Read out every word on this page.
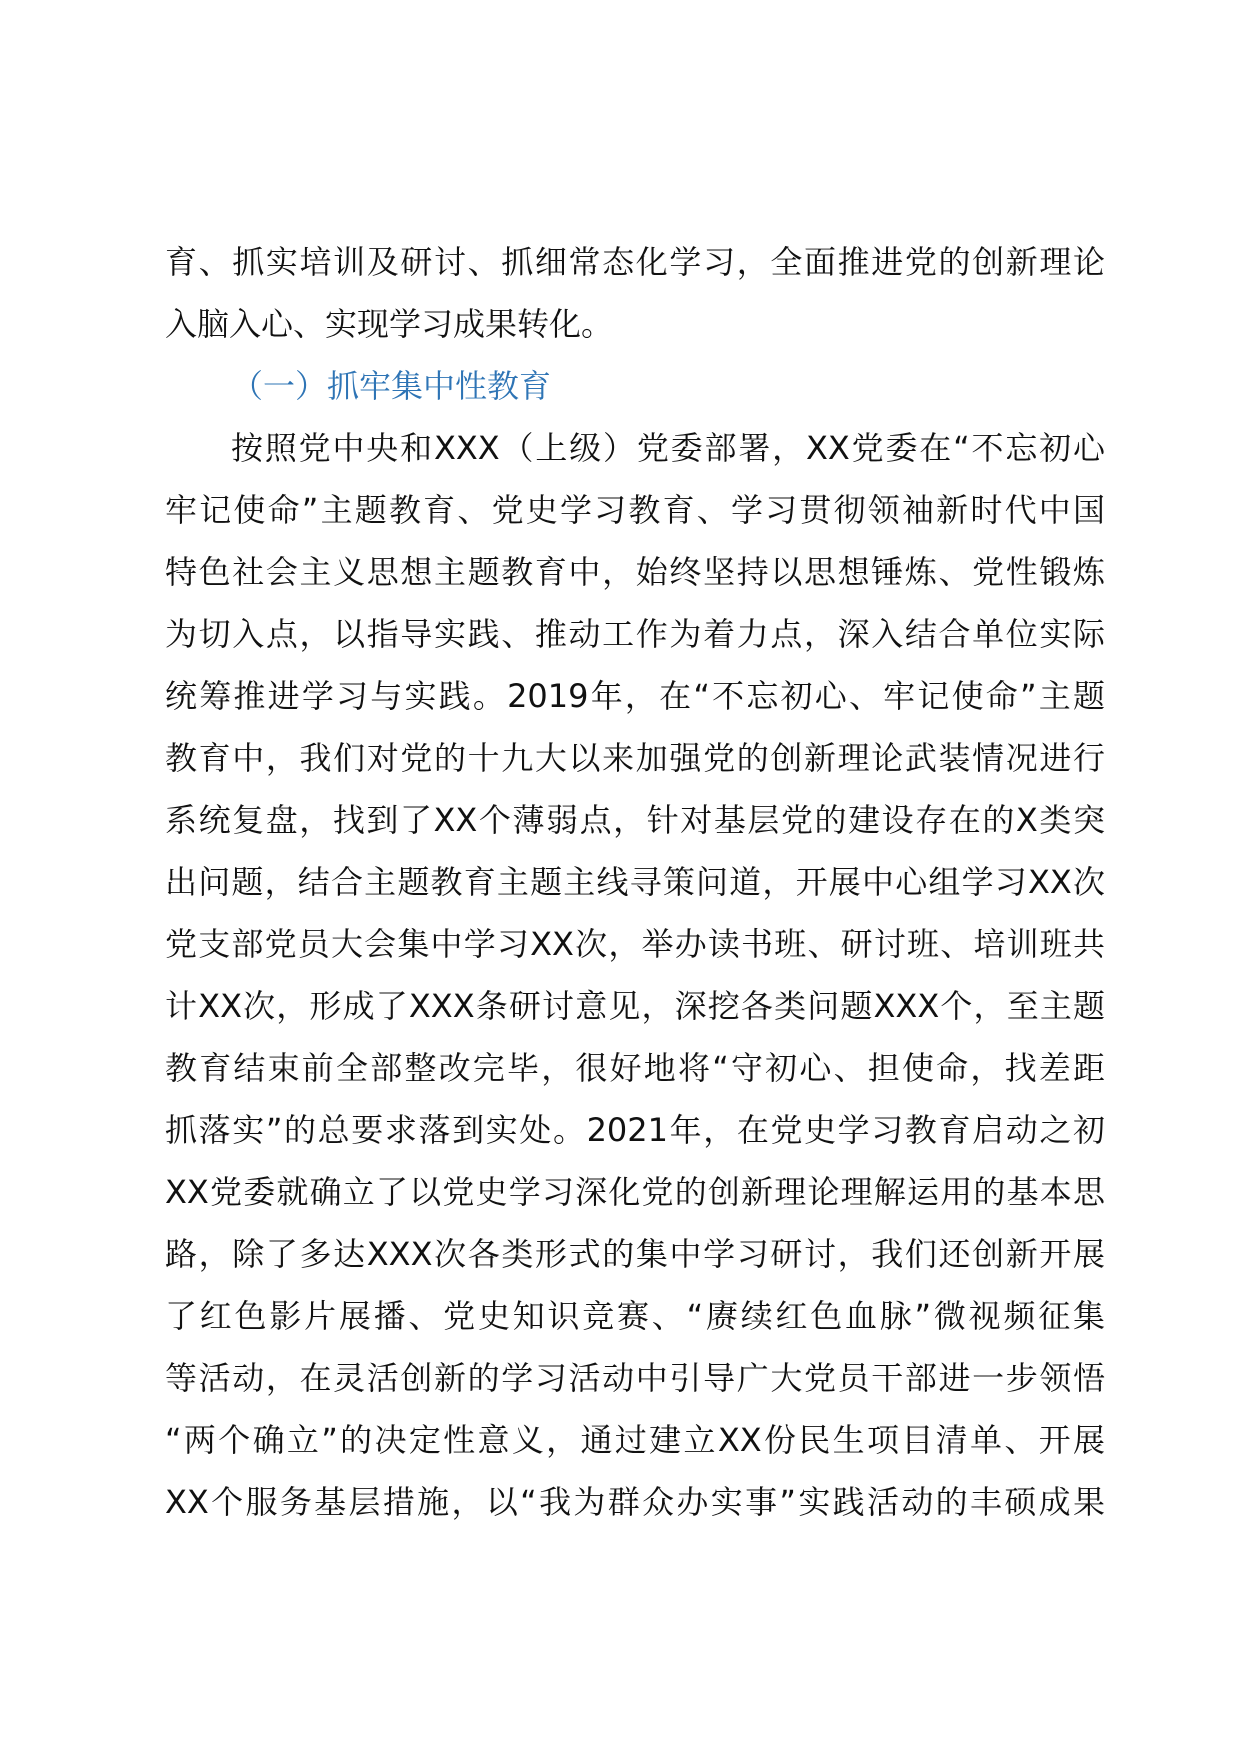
育、抓实培训及研讨、抓细常态化学习，全面推进党的创新理论
入脑入心、实现学习成果转化。
（一）抓牢集中性教育
按照党中央和XXX（上级）党委部署，XX党委在“不忘初心
牢记使命”主题教育、党史学习教育、学习贯彻领袖新时代中国
特色社会主义思想主题教育中，始终坚持以思想锤炼、党性锻炼
为切入点，以指导实践、推动工作为着力点，深入结合单位实际
统筹推进学习与实践。2019年，在“不忘初心、牢记使命”主题
教育中，我们对党的十九大以来加强党的创新理论武装情况进行
系统复盘，找到了XX个薄弱点，针对基层党的建设存在的X类突
出问题，结合主题教育主题主线寻策问道，开展中心组学习XX次
党支部党员大会集中学习XX次，举办读书班、研讨班、培训班共
计XX次，形成了XXX条研讨意见，深挖各类问题XXX个，至主题
教育结束前全部整改完毕，很好地将“守初心、担使命，找差距
抓落实”的总要求落到实处。2021年，在党史学习教育启动之初
XX党委就确立了以党史学习深化党的创新理论理解运用的基本思
路，除了多达XXX次各类形式的集中学习研讨，我们还创新开展
了红色影片展播、党史知识竞赛、“赓续红色血脉”微视频征集
等活动，在灵活创新的学习活动中引导广大党员干部进一步领悟
“两个确立”的决定性意义，通过建立XX份民生项目清单、开展
XX个服务基层措施，以“我为群众办实事”实践活动的丰硕成果
